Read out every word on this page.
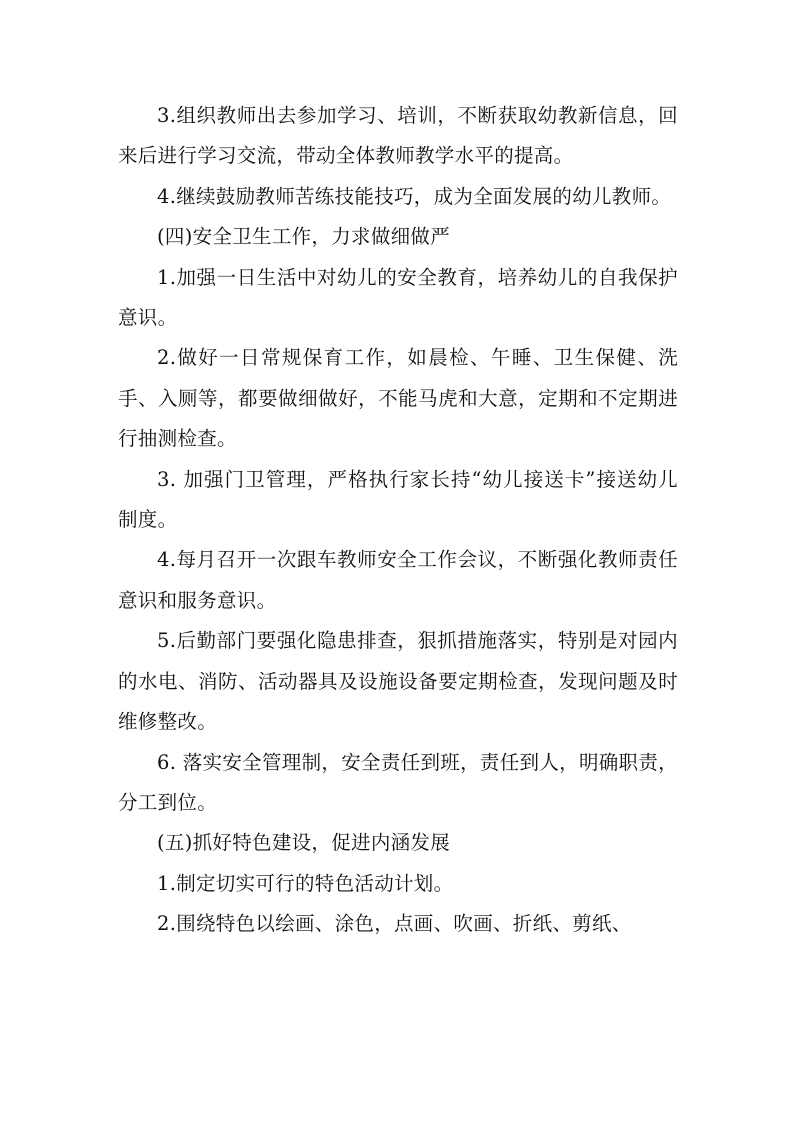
3.组织教师出去参加学习、培训，不断获取幼教新信息，回来后进行学习交流，带动全体教师教学水平的提高。

4.继续鼓励教师苦练技能技巧，成为全面发展的幼儿教师。

(四)安全卫生工作，力求做细做严

1.加强一日生活中对幼儿的安全教育，培养幼儿的自我保护意识。

2.做好一日常规保育工作，如晨检、午睡、卫生保健、洗手、入厕等，都要做细做好，不能马虎和大意，定期和不定期进行抽测检查。

3. 加强门卫管理，严格执行家长持“幼儿接送卡”接送幼儿制度。

4.每月召开一次跟车教师安全工作会议，不断强化教师责任意识和服务意识。

5.后勤部门要强化隐患排查，狠抓措施落实，特别是对园内的水电、消防、活动器具及设施设备要定期检查，发现问题及时维修整改。

6. 落实安全管理制，安全责任到班，责任到人，明确职责，分工到位。

(五)抓好特色建设，促进内涵发展

1.制定切实可行的特色活动计划。

2.围绕特色以绘画、涂色，点画、吹画、折纸、剪纸、
